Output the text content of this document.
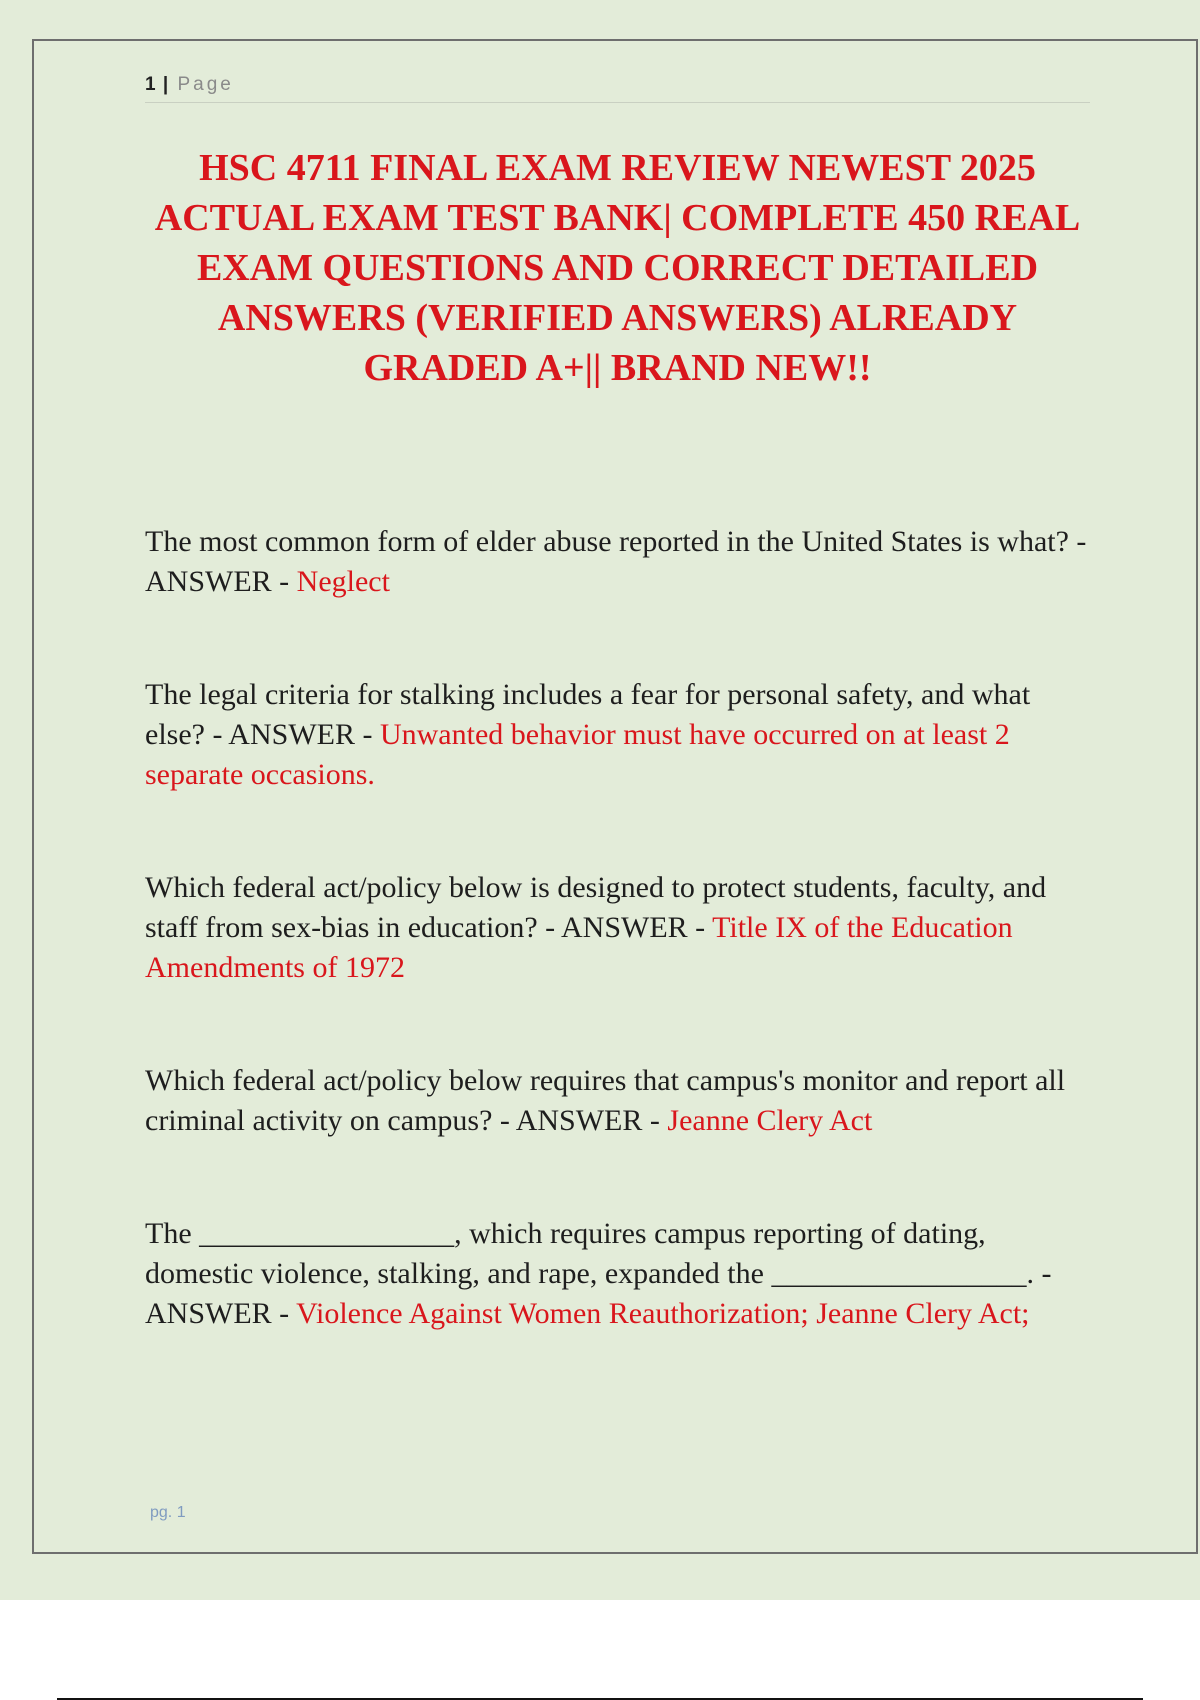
1 | Page
HSC 4711 FINAL EXAM REVIEW NEWEST 2025 ACTUAL EXAM TEST BANK| COMPLETE 450 REAL EXAM QUESTIONS AND CORRECT DETAILED ANSWERS (VERIFIED ANSWERS) ALREADY GRADED A+|| BRAND NEW!!

The most common form of elder abuse reported in the United States is what? - ANSWER - Neglect

The legal criteria for stalking includes a fear for personal safety, and what else? - ANSWER - Unwanted behavior must have occurred on at least 2 separate occasions.

Which federal act/policy below is designed to protect students, faculty, and staff from sex-bias in education? - ANSWER - Title IX of the Education Amendments of 1972

Which federal act/policy below requires that campus's monitor and report all criminal activity on campus? - ANSWER - Jeanne Clery Act

The _________________, which requires campus reporting of dating, domestic violence, stalking, and rape, expanded the _________________. - ANSWER - Violence Against Women Reauthorization; Jeanne Clery Act;

pg. 1
